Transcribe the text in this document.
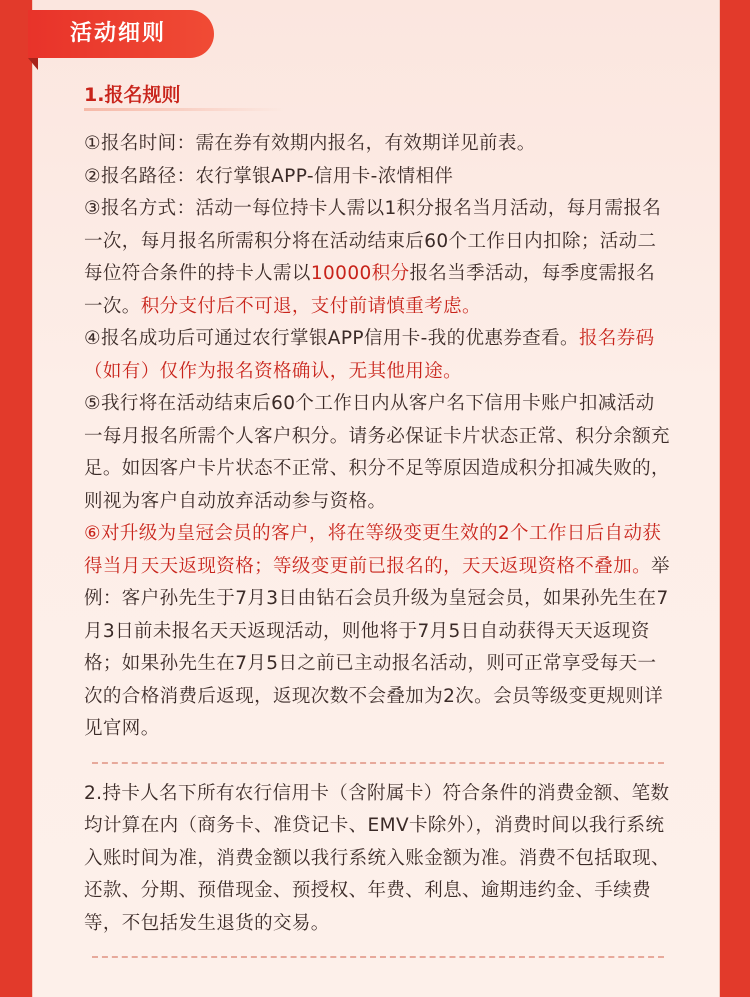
活动细则
1.报名规则

①报名时间：需在券有效期内报名，有效期详见前表。

②报名路径：农行掌银APP-信用卡-浓情相伴

③报名方式：活动一每位持卡人需以1积分报名当月活动，每月需报名一次，每月报名所需积分将在活动结束后60个工作日内扣除；活动二每位符合条件的持卡人需以10000积分报名当季活动，每季度需报名一次。积分支付后不可退，支付前请慎重考虑。

④报名成功后可通过农行掌银APP信用卡-我的优惠券查看。报名券码（如有）仅作为报名资格确认，无其他用途。

⑤我行将在活动结束后60个工作日内从客户名下信用卡账户扣减活动一每月报名所需个人客户积分。请务必保证卡片状态正常、积分余额充足。如因客户卡片状态不正常、积分不足等原因造成积分扣减失败的，则视为客户自动放弃活动参与资格。

⑥对升级为皇冠会员的客户，将在等级变更生效的2个工作日后自动获得当月天天返现资格；等级变更前已报名的，天天返现资格不叠加。举例：客户孙先生于7月3日由钻石会员升级为皇冠会员，如果孙先生在7月3日前未报名天天返现活动，则他将于7月5日自动获得天天返现资格；如果孙先生在7月5日之前已主动报名活动，则可正常享受每天一次的合格消费后返现，返现次数不会叠加为2次。会员等级变更规则详见官网。

2.持卡人名下所有农行信用卡（含附属卡）符合条件的消费金额、笔数均计算在内（商务卡、准贷记卡、EMV卡除外），消费时间以我行系统入账时间为准，消费金额以我行系统入账金额为准。消费不包括取现、还款、分期、预借现金、预授权、年费、利息、逾期违约金、手续费等，不包括发生退货的交易。
